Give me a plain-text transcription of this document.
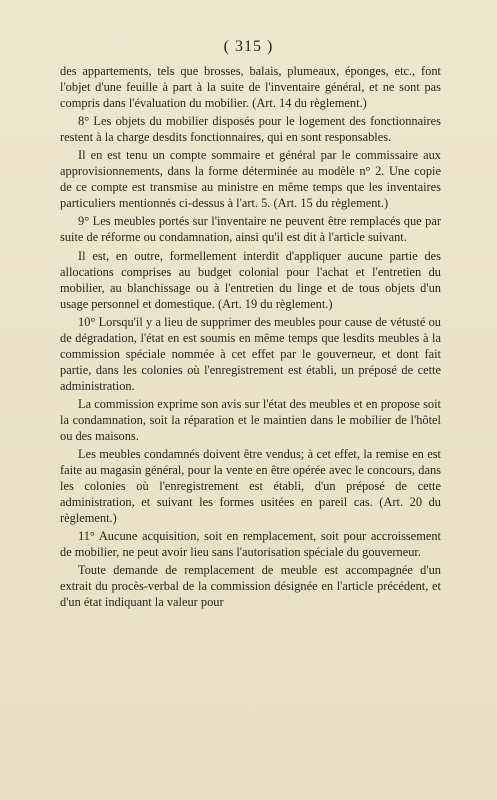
( 315 )

des appartements, tels que brosses, balais, plumeaux, éponges, etc., font l'objet d'une feuille à part à la suite de l'inventaire général, et ne sont pas compris dans l'évaluation du mobilier. (Art. 14 du règlement.)

8° Les objets du mobilier disposés pour le logement des fonctionnaires restent à la charge desdits fonctionnaires, qui en sont responsables.

Il en est tenu un compte sommaire et général par le commissaire aux approvisionnements, dans la forme déterminée au modèle n° 2. Une copie de ce compte est transmise au ministre en même temps que les inventaires particuliers mentionnés ci-dessus à l'art. 5. (Art. 15 du règlement.)

9° Les meubles portés sur l'inventaire ne peuvent être remplacés que par suite de réforme ou condamnation, ainsi qu'il est dit à l'article suivant.

Il est, en outre, formellement interdit d'appliquer aucune partie des allocations comprises au budget colonial pour l'achat et l'entretien du mobilier, au blanchissage ou à l'entretien du linge et de tous objets d'un usage personnel et domestique. (Art. 19 du règlement.)

10° Lorsqu'il y a lieu de supprimer des meubles pour cause de vétusté ou de dégradation, l'état en est soumis en même temps que lesdits meubles à la commission spéciale nommée à cet effet par le gouverneur, et dont fait partie, dans les colonies où l'enregistrement est établi, un préposé de cette administration.

La commission exprime son avis sur l'état des meubles et en propose soit la condamnation, soit la réparation et le maintien dans le mobilier de l'hôtel ou des maisons.

Les meubles condamnés doivent être vendus; à cet effet, la remise en est faite au magasin général, pour la vente en être opérée avec le concours, dans les colonies où l'enregistrement est établi, d'un préposé de cette administration, et suivant les formes usitées en pareil cas. (Art. 20 du règlement.)

11° Aucune acquisition, soit en remplacement, soit pour accroissement de mobilier, ne peut avoir lieu sans l'autorisation spéciale du gouverneur.

Toute demande de remplacement de meuble est accompagnée d'un extrait du procès-verbal de la commission désignée en l'article précédent, et d'un état indiquant la valeur pour
